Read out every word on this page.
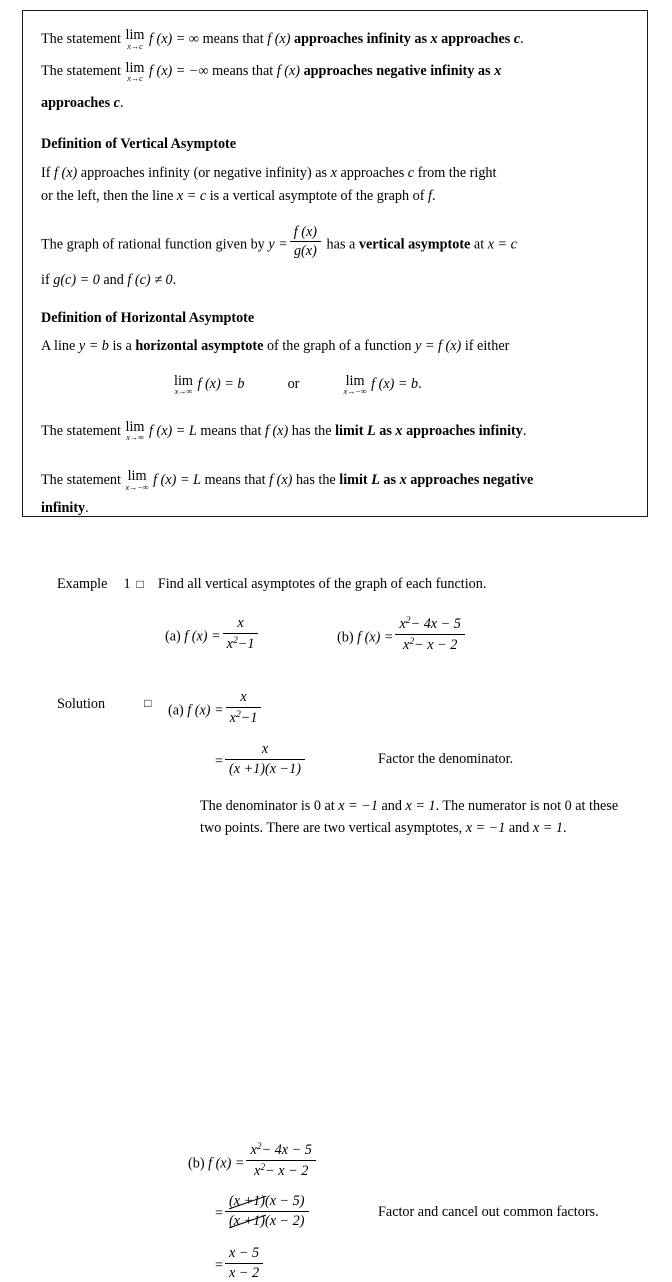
The statement lim
x→c f (x) = ∞ means that f (x) approaches infinity as x approaches c.

The statement lim
x→c f (x) = −∞ means that f (x) approaches negative infinity as x

approaches c.

Definition of Vertical Asymptote

If f (x) approaches infinity (or negative infinity) as x approaches c from the right

or the left, then the line x = c is a vertical asymptote of the graph of f.

The graph of rational function given by $y = \frac{f (x)}{g(x)}$ has a vertical asymptote at x = c

if g(c) = 0 and f (c) ≠ 0.

Definition of Horizontal Asymptote

A line y = b is a horizontal asymptote of the graph of a function y = f (x) if either

lim
x→∞ f (x) = b	or	lim
x→−∞ f (x) = b.

The statement lim
x→∞ f (x) = L means that f (x) has the limit L as x approaches infinity.

The statement lim
x→−∞ f (x) = L means that f (x) has the limit L as x approaches negative

infinity.

Example 1 □ Find all vertical asymptotes of the graph of each function.

(a) f $(x) = \frac{x}{x^2-1}$	(b) f $(x) = \frac{x^2- 4x - 5}{x^2- x - 2}$
Solution	□ (a) f $(x) = \frac{x}{x^2-1}$
= $\frac{x}{(x +1)(x -1)}$	Factor the denominator.
The denominator is 0 at x = −1 and x = 1. The numerator is not 0 at these two points. There are two vertical asymptotes, x = −1 and x = 1.
(b) f $(x) = \frac{x^2- 4x - 5}{x^2- x - 2}$
= $\frac{(x +1)(x - 5)}{(x +1)(x - 2)}$	Factor and cancel out common factors.
= $\frac{x - 5}{x - 2}$
